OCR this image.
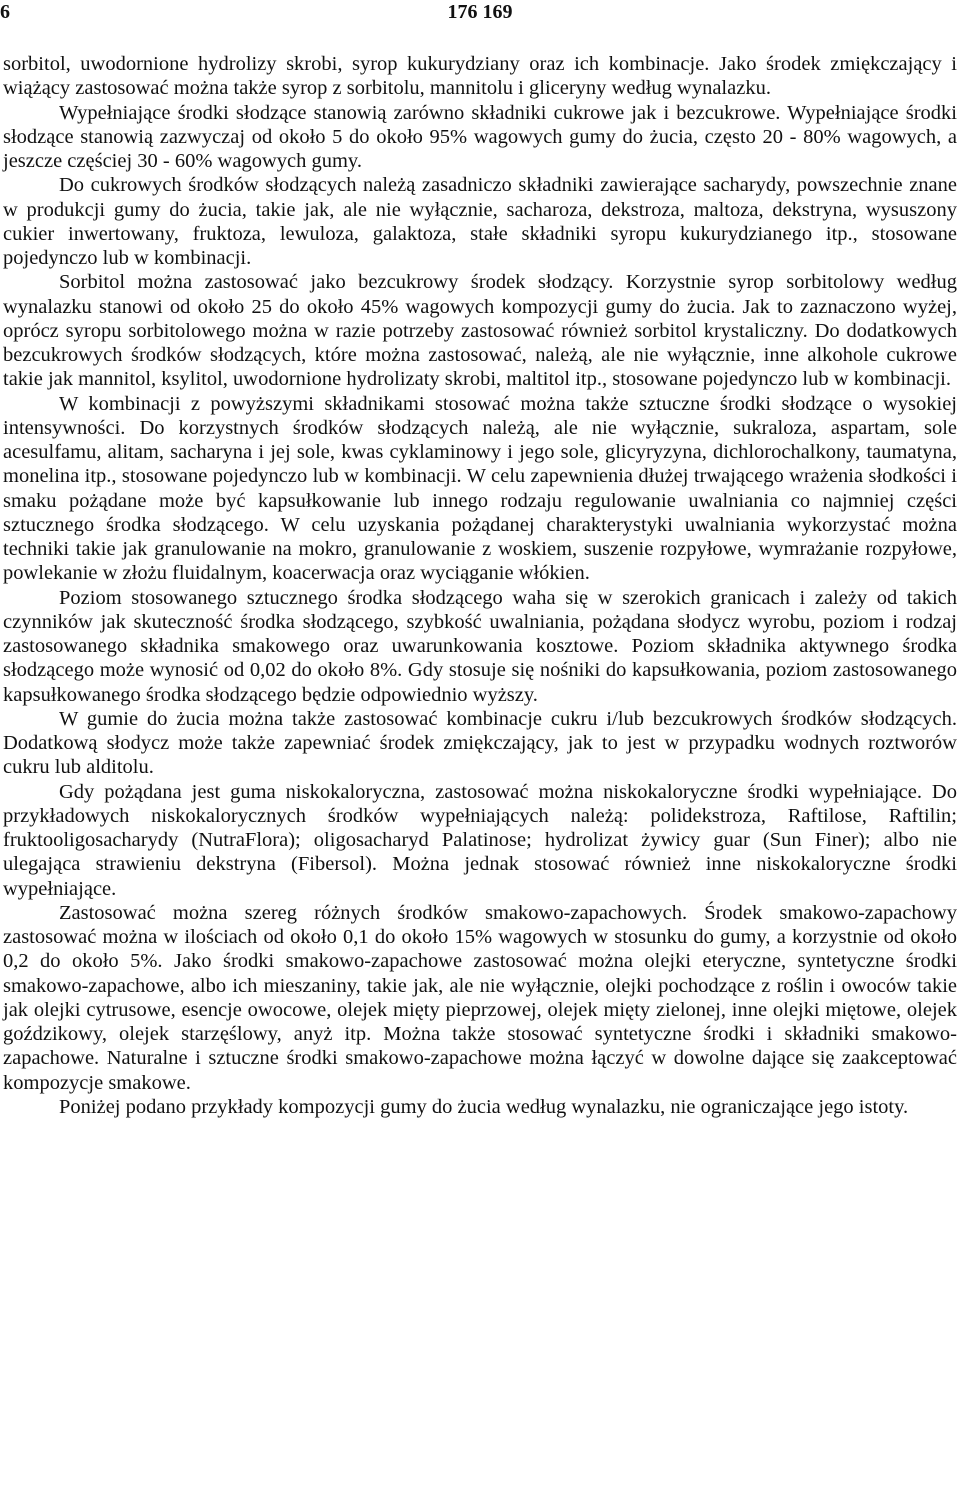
6	176 169

sorbitol, uwodornione hydrolizy skrobi, syrop kukurydziany oraz ich kombinacje. Jako środek zmiękczający i wiążący zastosować można także syrop z sorbitolu, mannitolu i gliceryny według wynalazku.

Wypełniające środki słodzące stanowią zarówno składniki cukrowe jak i bezcukrowe. Wypełniające środki słodzące stanowią zazwyczaj od około 5 do około 95% wagowych gumy do żucia, często 20 - 80% wagowych, a jeszcze częściej 30 - 60% wagowych gumy.

Do cukrowych środków słodzących należą zasadniczo składniki zawierające sacharydy, powszechnie znane w produkcji gumy do żucia, takie jak, ale nie wyłącznie, sacharoza, dekstroza, maltoza, dekstryna, wysuszony cukier inwertowany, fruktoza, lewuloza, galaktoza, stałe składniki syropu kukurydzianego itp., stosowane pojedynczo lub w kombinacji.

Sorbitol można zastosować jako bezcukrowy środek słodzący. Korzystnie syrop sorbitolowy według wynalazku stanowi od około 25 do około 45% wagowych kompozycji gumy do żucia. Jak to zaznaczono wyżej, oprócz syropu sorbitolowego można w razie potrzeby zastosować również sorbitol krystaliczny. Do dodatkowych bezcukrowych środków słodzących, które można zastosować, należą, ale nie wyłącznie, inne alkohole cukrowe takie jak mannitol, ksylitol, uwodornione hydrolizaty skrobi, maltitol itp., stosowane pojedynczo lub w kombinacji.

W kombinacji z powyższymi składnikami stosować można także sztuczne środki słodzące o wysokiej intensywności. Do korzystnych środków słodzących należą, ale nie wyłącznie, sukraloza, aspartam, sole acesulfamu, alitam, sacharyna i jej sole, kwas cyklaminowy i jego sole, glicyryzyna, dichlorochalkony, taumatyna, monelina itp., stosowane pojedynczo lub w kombinacji. W celu zapewnienia dłużej trwającego wrażenia słodkości i smaku pożądane może być kapsułkowanie lub innego rodzaju regulowanie uwalniania co najmniej części sztucznego środka słodzącego. W celu uzyskania pożądanej charakterystyki uwalniania wykorzystać można techniki takie jak granulowanie na mokro, granulowanie z woskiem, suszenie rozpyłowe, wymrażanie rozpyłowe, powlekanie w złożu fluidalnym, koacerwacja oraz wyciąganie włókien.

Poziom stosowanego sztucznego środka słodzącego waha się w szerokich granicach i zależy od takich czynników jak skuteczność środka słodzącego, szybkość uwalniania, pożądana słodycz wyrobu, poziom i rodzaj zastosowanego składnika smakowego oraz uwarunkowania kosztowe. Poziom składnika aktywnego środka słodzącego może wynosić od 0,02 do około 8%. Gdy stosuje się nośniki do kapsułkowania, poziom zastosowanego kapsułkowanego środka słodzącego będzie odpowiednio wyższy.

W gumie do żucia można także zastosować kombinacje cukru i/lub bezcukrowych środków słodzących. Dodatkową słodycz może także zapewniać środek zmiękczający, jak to jest w przypadku wodnych roztworów cukru lub alditolu.

Gdy pożądana jest guma niskokaloryczna, zastosować można niskokaloryczne środki wypełniające. Do przykładowych niskokalorycznych środków wypełniających należą: polidekstroza, Raftilose, Raftilin; fruktooligosacharydy (NutraFlora); oligosacharyd Palatinose; hydrolizat żywicy guar (Sun Finer); albo nie ulegająca strawieniu dekstryna (Fibersol). Można jednak stosować również inne niskokaloryczne środki wypełniające.

Zastosować można szereg różnych środków smakowo-zapachowych. Środek smakowo-zapachowy zastosować można w ilościach od około 0,1 do około 15% wagowych w stosunku do gumy, a korzystnie od około 0,2 do około 5%. Jako środki smakowo-zapachowe zastosować można olejki eteryczne, syntetyczne środki smakowo-zapachowe, albo ich mieszaniny, takie jak, ale nie wyłącznie, olejki pochodzące z roślin i owoców takie jak olejki cytrusowe, esencje owocowe, olejek mięty pieprzowej, olejek mięty zielonej, inne olejki miętowe, olejek goździkowy, olejek starzęślowy, anyż itp. Można także stosować syntetyczne środki i składniki smakowo-zapachowe. Naturalne i sztuczne środki smakowo-zapachowe można łączyć w dowolne dające się zaakceptować kompozycje smakowe.

Poniżej podano przykłady kompozycji gumy do żucia według wynalazku, nie ograniczające jego istoty.
